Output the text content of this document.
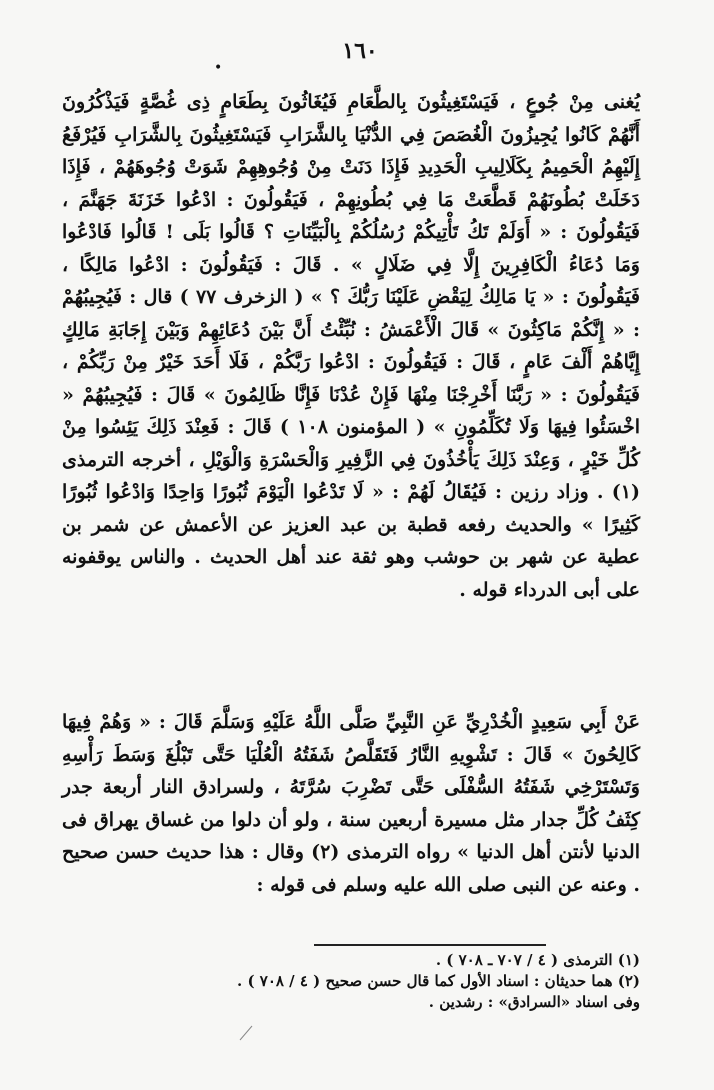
١٦٠
•

يُغنى مِنْ جُوعٍ ، فَيَسْتَغِيثُونَ بِالطَّعَامِ فَيُغَاثُونَ بِطَعَامٍ ذِى غُصَّةٍ فَيَذْكُرُونَ أَنَّهُمْ كَانُوا يُجِيزُونَ الْغُصَصَ فِي الدُّنْيَا بِالشَّرَابِ فَيَسْتَغِيثُونَ بِالشَّرَابِ فَيُرْفَعُ إِلَيْهِمُ الْحَمِيمُ بِكَلَالِيبِ الْحَدِيدِ فَإِذَا دَنَتْ مِنْ وُجُوهِهِمْ شَوَتْ وُجُوهَهُمْ ، فَإِذَا دَخَلَتْ بُطُونَهُمْ قَطَّعَتْ مَا فِي بُطُونِهِمْ ، فَيَقُولُونَ : ادْعُوا خَزَنَةَ جَهَنَّمَ ، فَيَقُولُونَ : « أَوَلَمْ تَكُ تَأْتِيكُمْ رُسُلُكُمْ بِالْبَيِّنَاتِ ؟ قَالُوا بَلَى ! قَالُوا فَادْعُوا وَمَا دُعَاءُ الْكَافِرِينَ إِلَّا فِي ضَلَالٍ » . قَالَ : فَيَقُولُونَ : ادْعُوا مَالِكًا ، فَيَقُولُونَ : « يَا مَالِكُ لِيَقْضِ عَلَيْنَا رَبُّكَ ؟ » ( الزخرف ٧٧ ) قال : فَيُجِيبُهُمْ : « إِنَّكُمْ مَاكِثُونَ » قَالَ الْأَعْمَشُ : نُبِّئْتُ أَنَّ بَيْنَ دُعَائِهِمْ وَبَيْنَ إِجَابَةِ مَالِكٍ إِيَّاهُمْ أَلْفَ عَامٍ ، قَالَ : فَيَقُولُونَ : ادْعُوا رَبَّكُمْ ، فَلَا أَحَدَ خَيْرٌ مِنْ رَبِّكُمْ ، فَيَقُولُونَ : « رَبَّنَا أَخْرِجْنَا مِنْهَا فَإِنْ عُدْنَا فَإِنَّا ظَالِمُونَ » قَالَ : فَيُجِيبُهُمْ « اخْسَئُوا فِيهَا وَلَا تُكَلِّمُونِ » ( المؤمنون ١٠٨ ) قَالَ : فَعِنْدَ ذَلِكَ يَئِسُوا مِنْ كُلِّ خَيْرٍ ، وَعِنْدَ ذَلِكَ يَأْخُذُونَ فِي الزَّفِيرِ وَالْحَسْرَةِ وَالْوَيْلِ ، أخرجه الترمذى (١) . وزاد رزين : فَيُقَالُ لَهُمْ : « لَا تَدْعُوا الْيَوْمَ ثُبُورًا وَاحِدًا وَادْعُوا ثُبُورًا كَثِيرًا » والحديث رفعه قطبة بن عبد العزيز عن الأعمش عن شمر بن عطية عن شهر بن حوشب وهو ثقة عند أهل الحديث . والناس يوقفونه على أبى الدرداء قوله .

عَنْ أَبِي سَعِيدٍ الْخُدْرِيِّ عَنِ النَّبِيِّ صَلَّى اللَّهُ عَلَيْهِ وَسَلَّمَ قَالَ : « وَهُمْ فِيهَا كَالِحُونَ » قَالَ : تَشْوِيهِ النَّارُ فَتَقَلَّصُ شَفَتُهُ الْعُلْيَا حَتَّى تَبْلُغَ وَسَطَ رَأْسِهِ وَتَسْتَرْخِي شَفَتُهُ السُّفْلَى حَتَّى تَضْرِبَ سُرَّتَهُ ، ولسرادق النار أربعة جدر كِثَفُ كُلِّ جدار مثل مسيرة أربعين سنة ، ولو أن دلوا من غساق يهراق فى الدنيا لأنتن أهل الدنيا » رواه الترمذى (٢) وقال : هذا حديث حسن صحيح . وعنه عن النبى صلى الله عليه وسلم فى قوله :

(١) الترمذى ( ٤ / ٧٠٧ ـ ٧٠٨ ) .
(٢) هما حديثان : اسناد الأول كما قال حسن صحيح ( ٤ / ٧٠٨ ) .
وفى اسناد «السرادق» : رشدين .
